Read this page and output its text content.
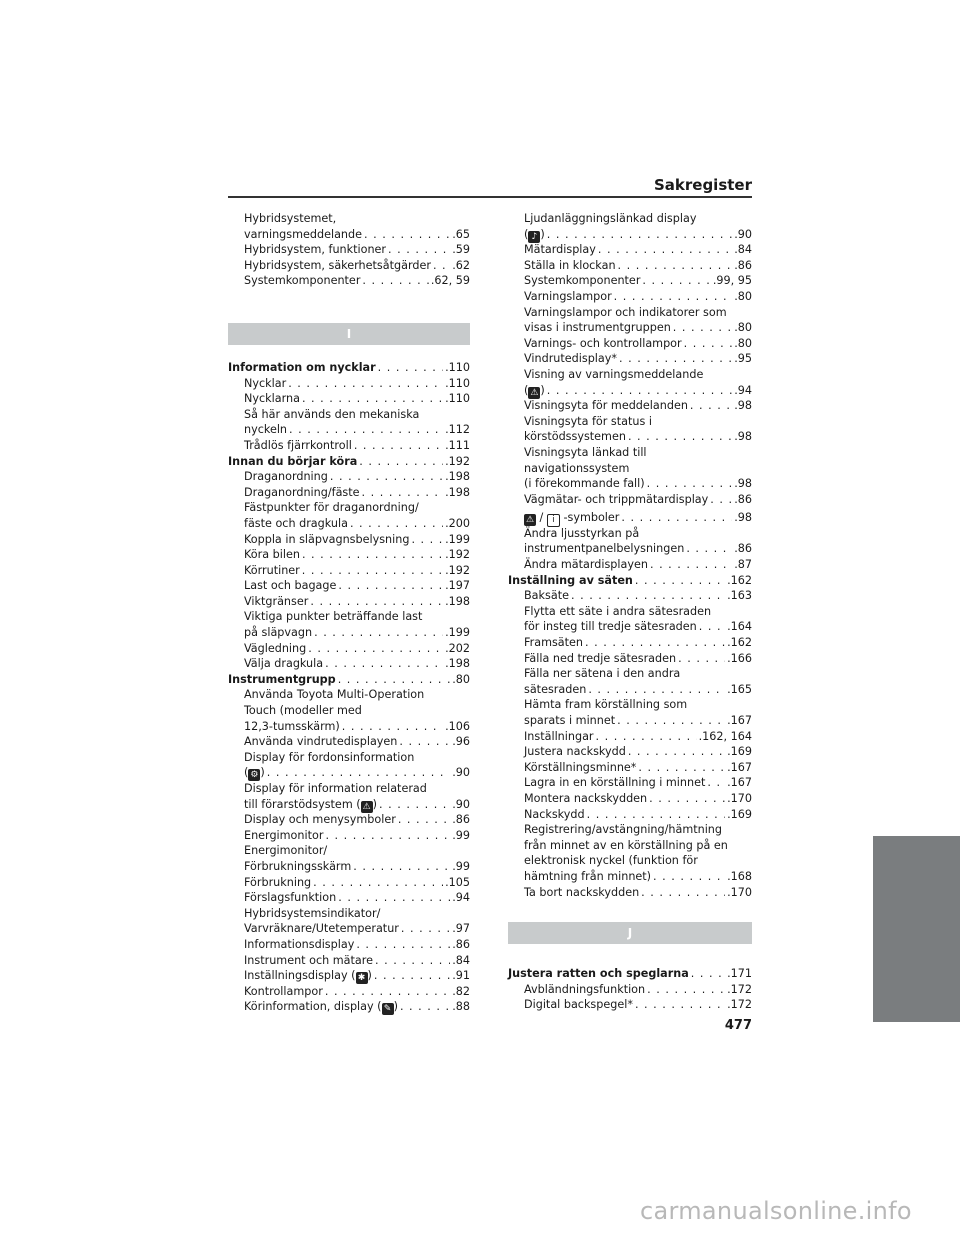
Sakregister
Hybridsystemet,
varningsmeddelande . . .	.65
Hybridsystem, funktioner . . .	.59
Hybridsystem, säkerhetsåtgärder . . . .62
Systemkomponenter . . .	.62, 59
I
Information om nycklar . . .	.110
Nycklar . . .	.110
Nycklarna . . .	.110
Så här används den mekaniska
nyckeln . . .	.112
Trådlös fjärrkontroll . . .	.111
Innan du börjar köra . . .	.192
Draganordning . . .	.198
Draganordning/fäste . . .	.198
Fästpunkter för draganordning/
fäste och dragkula . . .	.200
Koppla in släpvagnsbelysning . . .	.199
Köra bilen . . .	.192
Körrutiner . . .	.192
Last och bagage . . .	.197
Viktgränser . . .	.198
Viktiga punkter beträffande last
på släpvagn . . .	.199
Vägledning . . .	.202
Välja dragkula . . .	.198
Instrumentgrupp . . .	.80
Använda Toyota Multi-Operation
Touch (modeller med
12,3-tumsskärm) . . .	.106
Använda vindrutedisplayen . . .	.96
Display för fordonsinformation
( ⚙ ) . . .	.90
Display för information relaterad
till förarstödsystem ( ⚠ ) . . .	.90
Display och menysymboler . . .	.86
Energimonitor . . .	.99
Energimonitor/
Förbrukningsskärm . . .	.99
Förbrukning . . .	.105
Förslagsfunktion . . .	.94
Hybridsystemsindikator/
Varvräknare/Utetemperatur . . .	.97
Informationsdisplay . . .	.86
Instrument och mätare . . .	.84
Inställningsdisplay ( ✱ ) . . .	.91
Kontrollampor . . .	.82
Körinformation, display ( ✎ ) . . .	.88
Ljudanläggningslänkad display
( ♪ ) . . .	.90
Mätardisplay . . .	.84
Ställa in klockan . . .	.86
Systemkomponenter . . .	.99, 95
Varningslampor . . .	.80
Varningslampor och indikatorer som
visas i instrumentgruppen . . .	.80
Varnings- och kontrollampor . . .	.80
Vindrutedisplay* . . .	.95
Visning av varningsmeddelande
( ⚠ ) . . .	.94
Visningsyta för meddelanden . . .	.98
Visningsyta för status i
körstödssystemen . . .	.98
Visningsyta länkad till
navigationssystem
(i förekommande fall) . . .	.98
Vägmätar- och trippmätardisplay . . . .86
⚠ / i -symboler . . .	.98
Ändra ljusstyrkan på
instrumentpanelbelysningen . . .	.86
Ändra mätardisplayen . . .	.87
Inställning av säten . . .	.162
Baksäte . . .	.163
Flytta ett säte i andra sätesraden
för insteg till tredje sätesraden . . .	.164
Framsäten . . .	.162
Fälla ned tredje sätesraden . . .	.166
Fälla ner sätena i den andra
sätesraden . . .	.165
Hämta fram körställning som
sparats i minnet . . .	.167
Inställningar . . .	.162, 164
Justera nackskydd . . .	.169
Körställningsminne* . . .	.167
Lagra in en körställning i minnet . . . .167
Montera nackskydden . . .	.170
Nackskydd . . .	.169
Registrering/avstängning/hämtning
från minnet av en körställning på en
elektronisk nyckel (funktion för
hämtning från minnet) . . .	.168
Ta bort nackskydden . . .	.170
J
Justera ratten och speglarna . . .	.171
Avbländningsfunktion . . .	.172
Digital backspegel* . . .	.172
477
carmanualsonline.info
